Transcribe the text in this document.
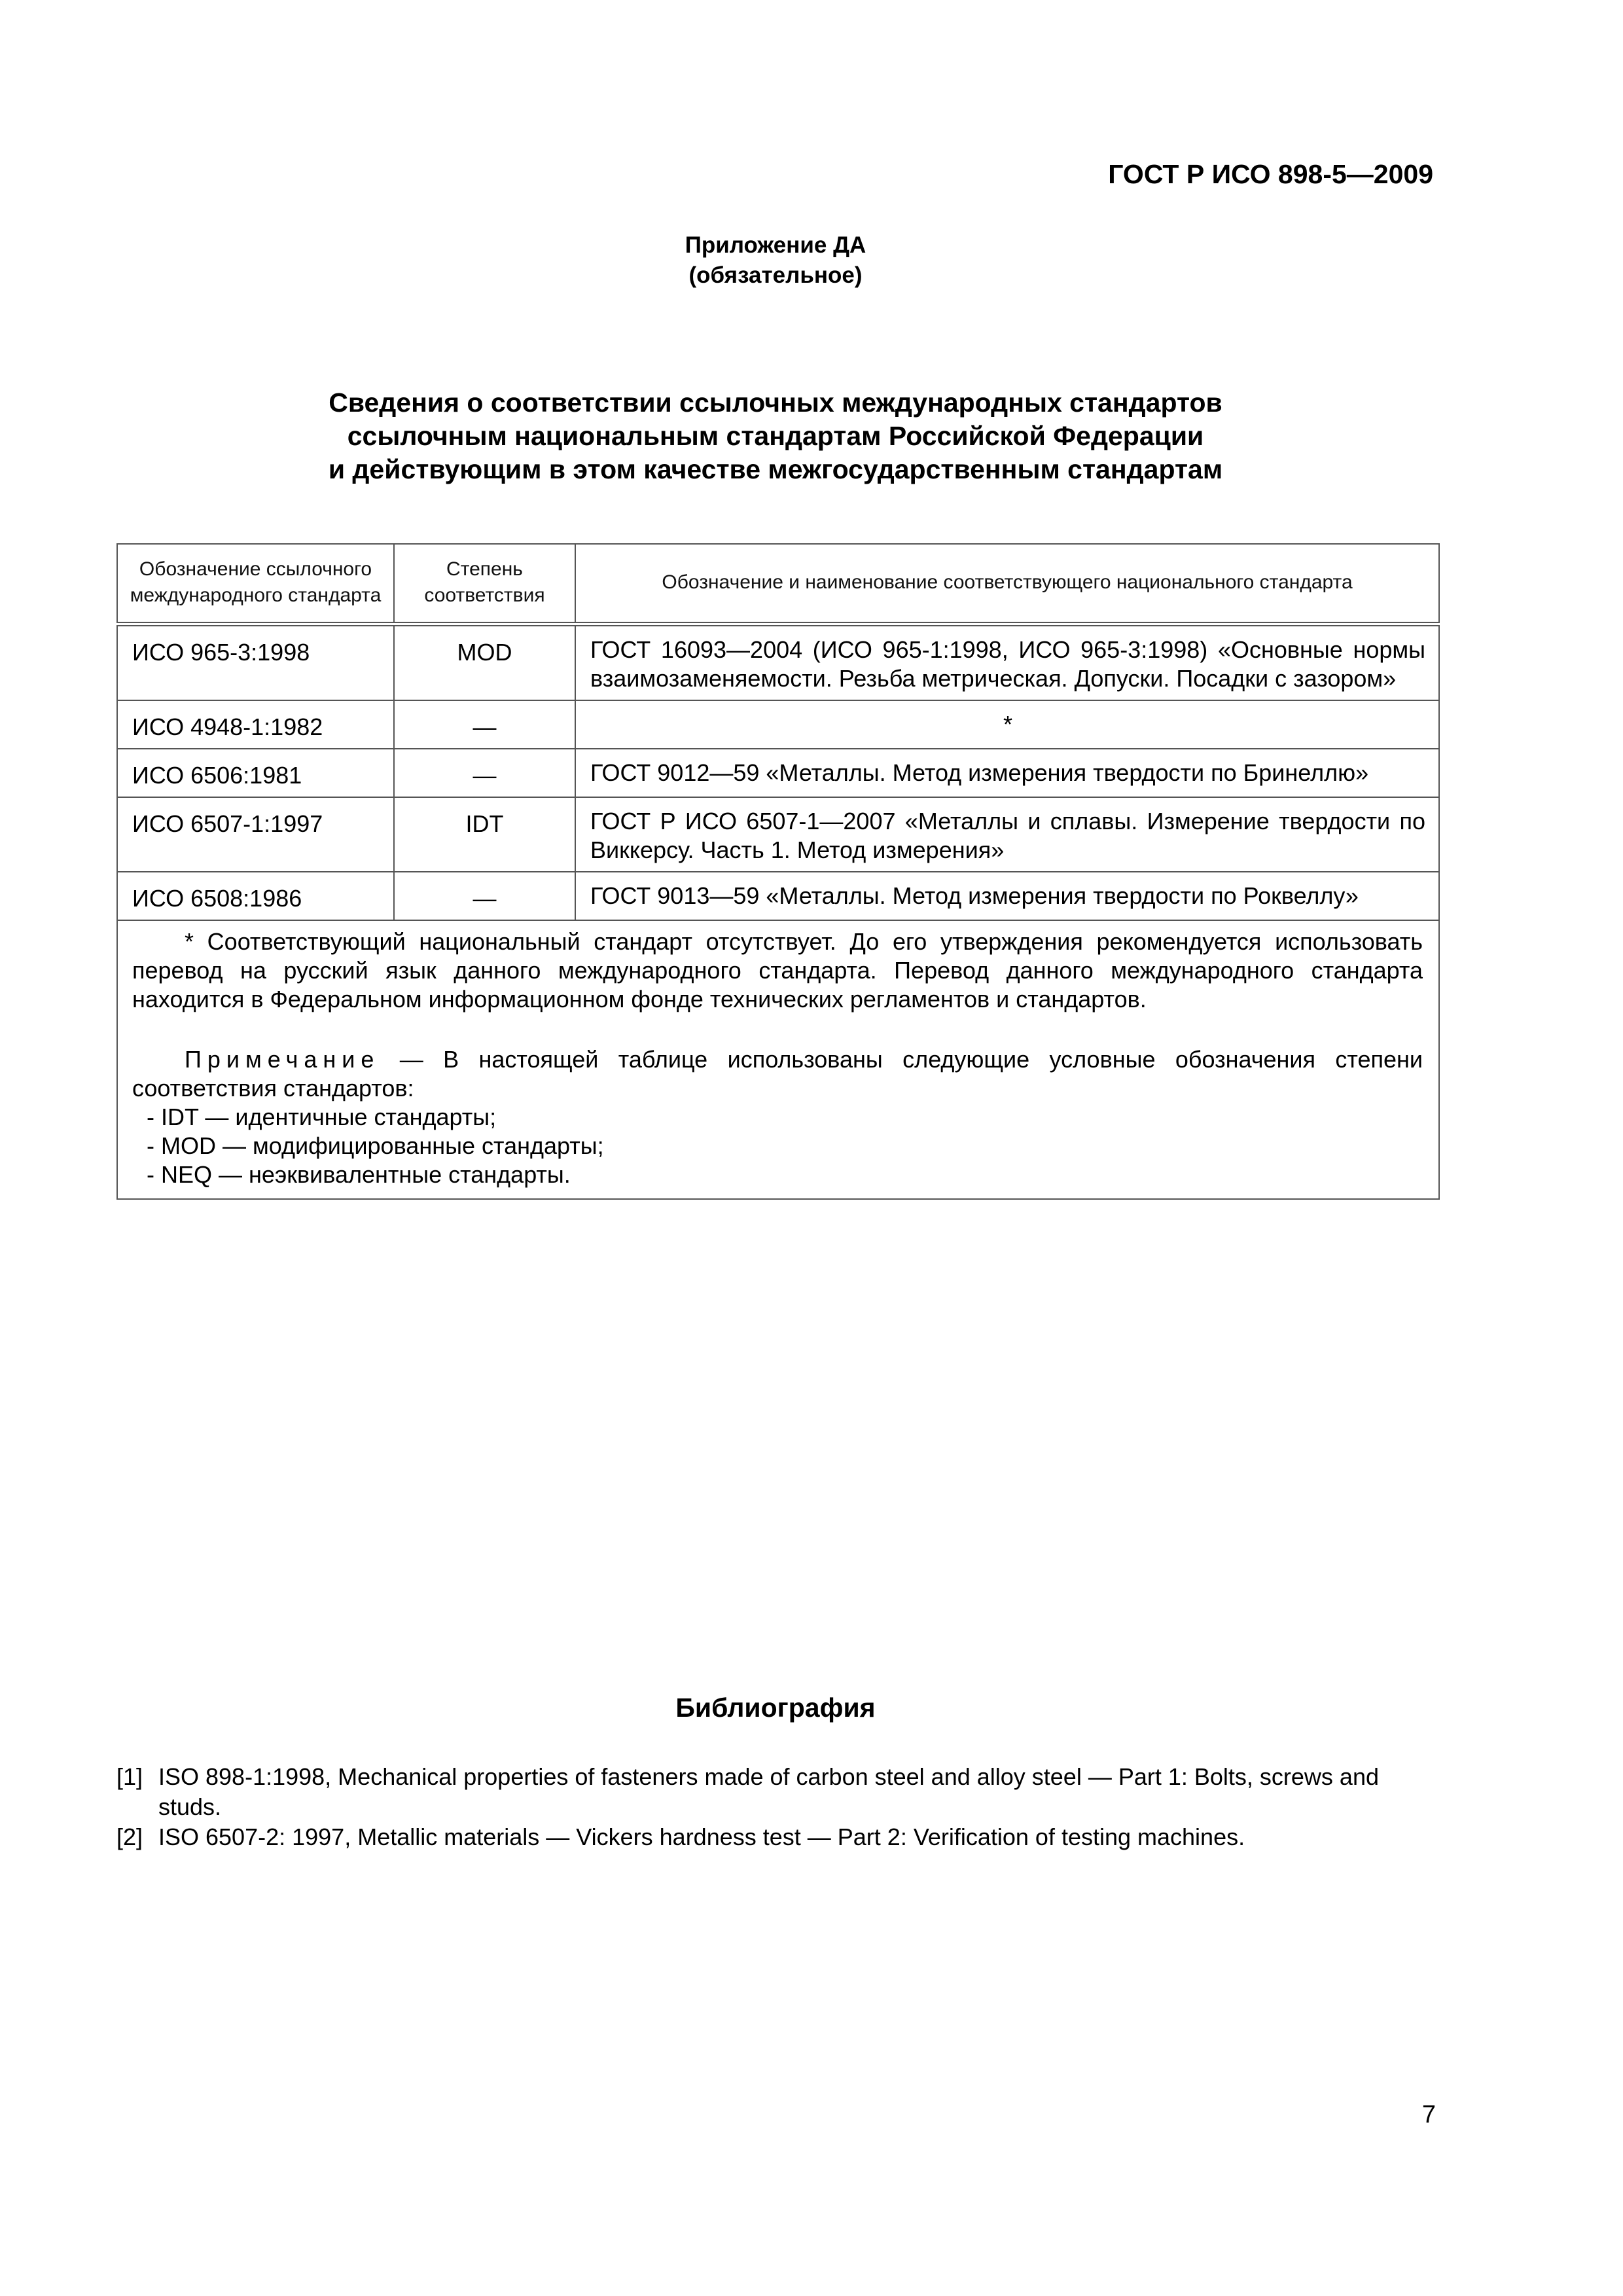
ГОСТ Р ИСО 898-5—2009
Приложение ДА
(обязательное)
Сведения о соответствии ссылочных международных стандартов
ссылочным национальным стандартам Российской Федерации
и действующим в этом качестве межгосударственным стандартам
Обозначение ссылочного международного стандарта	Степень соответствия	Обозначение и наименование соответствующего национального стандарта
ИСО 965-3:1998	MOD	ГОСТ 16093—2004 (ИСО 965-1:1998, ИСО 965-3:1998) «Основные нормы взаимозаменяемости. Резьба метрическая. Допуски. Посадки с зазором»
ИСО 4948-1:1982	—	*
ИСО 6506:1981	—	ГОСТ 9012—59 «Металлы. Метод измерения твердости по Бринеллю»
ИСО 6507-1:1997	IDT	ГОСТ Р ИСО 6507-1—2007 «Металлы и сплавы. Измерение твердости по Виккерсу. Часть 1. Метод измерения»
ИСО 6508:1986	—	ГОСТ 9013—59 «Металлы. Метод измерения твердости по Роквеллу»

* Соответствующий национальный стандарт отсутствует. До его утверждения рекомендуется использовать перевод на русский язык данного международного стандарта. Перевод данного международного стандарта находится в Федеральном информационном фонде технических регламентов и стандартов.

Примечание — В настоящей таблице использованы следующие условные обозначения степени соответствия стандартов:

- IDT — идентичные стандарты;
- MOD — модифицированные стандарты;
- NEQ — неэквивалентные стандарты.		
Библиография
[1] ISO 898-1:1998, Mechanical properties of fasteners made of carbon steel and alloy steel — Part 1: Bolts, screws and studs.
[2] ISO 6507-2: 1997, Metallic materials — Vickers hardness test — Part 2: Verification of testing machines.
7
